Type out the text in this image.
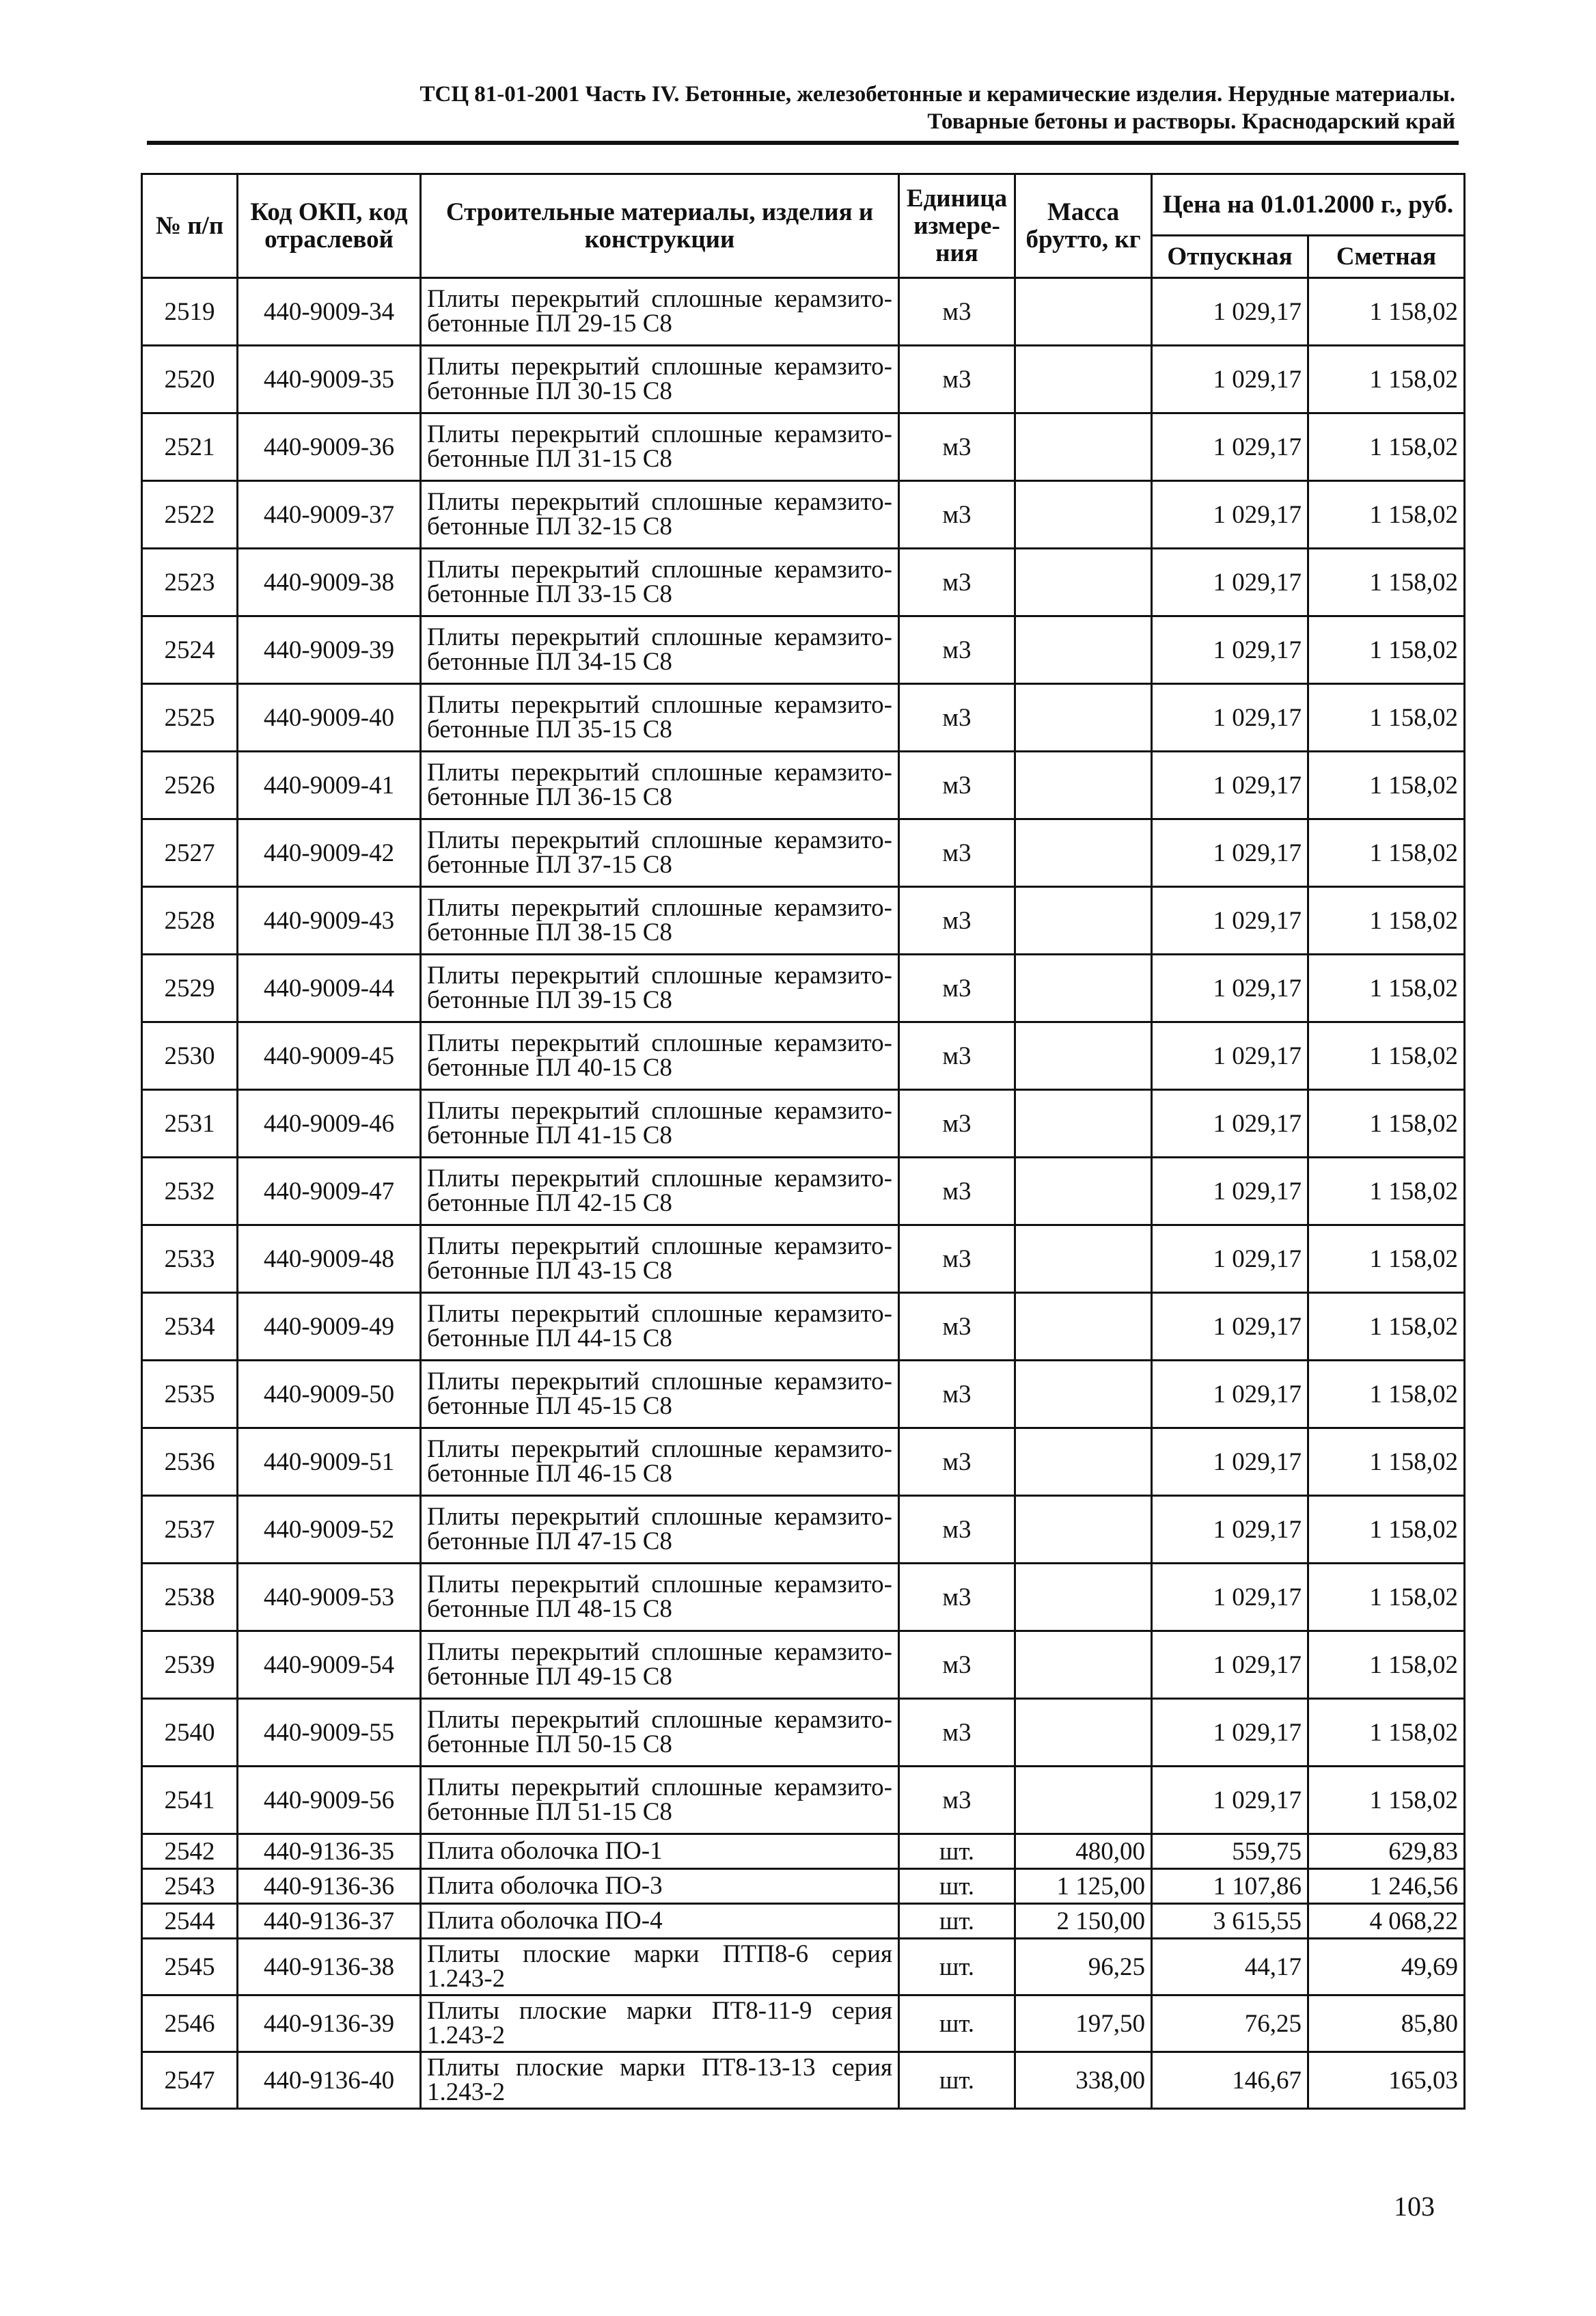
ТСЦ 81-01-2001 Часть IV. Бетонные, железобетонные и керамические изделия. Нерудные материалы.
Товарные бетоны и растворы. Краснодарский край
№ п/п	Код ОКП, код отраслевой	Строительные материалы, изделия и конструкции	Единица измере-ния	Масса брутто, кг	Цена на 01.01.2000 г., руб.	
					Отпускная	Сметная
2519	440-9009-34	Плиты перекрытий сплошные керамзито-
бетонные ПЛ 29-15 С8	м3		1 029,17	1 158,02
2520	440-9009-35	Плиты перекрытий сплошные керамзито-
бетонные ПЛ 30-15 С8	м3		1 029,17	1 158,02
2521	440-9009-36	Плиты перекрытий сплошные керамзито-
бетонные ПЛ 31-15 С8	м3		1 029,17	1 158,02
2522	440-9009-37	Плиты перекрытий сплошные керамзито-
бетонные ПЛ 32-15 С8	м3		1 029,17	1 158,02
2523	440-9009-38	Плиты перекрытий сплошные керамзито-
бетонные ПЛ 33-15 С8	м3		1 029,17	1 158,02
2524	440-9009-39	Плиты перекрытий сплошные керамзито-
бетонные ПЛ 34-15 С8	м3		1 029,17	1 158,02
2525	440-9009-40	Плиты перекрытий сплошные керамзито-
бетонные ПЛ 35-15 С8	м3		1 029,17	1 158,02
2526	440-9009-41	Плиты перекрытий сплошные керамзито-
бетонные ПЛ 36-15 С8	м3		1 029,17	1 158,02
2527	440-9009-42	Плиты перекрытий сплошные керамзито-
бетонные ПЛ 37-15 С8	м3		1 029,17	1 158,02
2528	440-9009-43	Плиты перекрытий сплошные керамзито-
бетонные ПЛ 38-15 С8	м3		1 029,17	1 158,02
2529	440-9009-44	Плиты перекрытий сплошные керамзито-
бетонные ПЛ 39-15 С8	м3		1 029,17	1 158,02
2530	440-9009-45	Плиты перекрытий сплошные керамзито-
бетонные ПЛ 40-15 С8	м3		1 029,17	1 158,02
2531	440-9009-46	Плиты перекрытий сплошные керамзито-
бетонные ПЛ 41-15 С8	м3		1 029,17	1 158,02
2532	440-9009-47	Плиты перекрытий сплошные керамзито-
бетонные ПЛ 42-15 С8	м3		1 029,17	1 158,02
2533	440-9009-48	Плиты перекрытий сплошные керамзито-
бетонные ПЛ 43-15 С8	м3		1 029,17	1 158,02
2534	440-9009-49	Плиты перекрытий сплошные керамзито-
бетонные ПЛ 44-15 С8	м3		1 029,17	1 158,02
2535	440-9009-50	Плиты перекрытий сплошные керамзито-
бетонные ПЛ 45-15 С8	м3		1 029,17	1 158,02
2536	440-9009-51	Плиты перекрытий сплошные керамзито-
бетонные ПЛ 46-15 С8	м3		1 029,17	1 158,02
2537	440-9009-52	Плиты перекрытий сплошные керамзито-
бетонные ПЛ 47-15 С8	м3		1 029,17	1 158,02
2538	440-9009-53	Плиты перекрытий сплошные керамзито-
бетонные ПЛ 48-15 С8	м3		1 029,17	1 158,02
2539	440-9009-54	Плиты перекрытий сплошные керамзито-
бетонные ПЛ 49-15 С8	м3		1 029,17	1 158,02
2540	440-9009-55	Плиты перекрытий сплошные керамзито-
бетонные ПЛ 50-15 С8	м3		1 029,17	1 158,02
2541	440-9009-56	Плиты перекрытий сплошные керамзито-
бетонные ПЛ 51-15 С8	м3		1 029,17	1 158,02
2542	440-9136-35	Плита оболочка ПО-1	шт.	480,00	559,75	629,83
2543	440-9136-36	Плита оболочка ПО-3	шт.	1 125,00	1 107,86	1 246,56
2544	440-9136-37	Плита оболочка ПО-4	шт.	2 150,00	3 615,55	4 068,22
2545	440-9136-38	Плиты плоские марки ПТП8-6 серия
1.243-2	шт.	96,25	44,17	49,69
2546	440-9136-39	Плиты плоские марки ПТ8-11-9 серия
1.243-2	шт.	197,50	76,25	85,80
2547	440-9136-40	Плиты плоские марки ПТ8-13-13 серия
1.243-2	шт.	338,00	146,67	165,03
103
